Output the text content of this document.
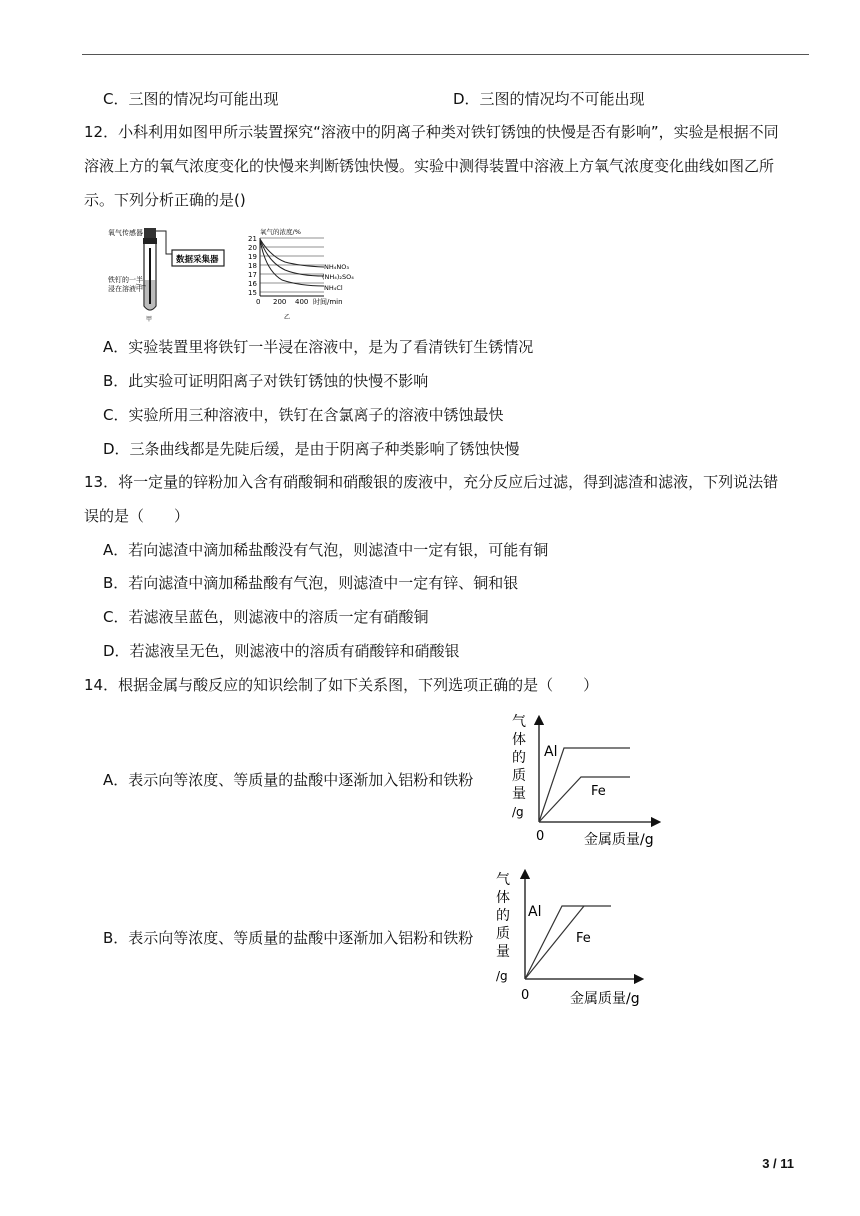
C．三图的情况均可能出现	D．三图的情况均不可能出现
12．小科利用如图甲所示装置探究“溶液中的阴离子种类对铁钉锈蚀的快慢是否有影响”，实验是根据不同
溶液上方的氧气浓度变化的快慢来判断锈蚀快慢。实验中测得装置中溶液上方氧气浓度变化曲线如图乙所
示。下列分析正确的是()
氧气传感器
数据采集器
铁钉的一半
浸在溶液中
甲
氧气的浓度/%
21
20
19
18
17
16
15
0 200 400 时间/min
NH₄NO₃
(NH₄)₂SO₄
NH₄Cl
乙
A．实验装置里将铁钉一半浸在溶液中，是为了看清铁钉生锈情况
B．此实验可证明阳离子对铁钉锈蚀的快慢不影响
C．实验所用三种溶液中，铁钉在含氯离子的溶液中锈蚀最快
D．三条曲线都是先陡后缓，是由于阴离子种类影响了锈蚀快慢
13．将一定量的锌粉加入含有硝酸铜和硝酸银的废液中，充分反应后过滤，得到滤渣和滤液，下列说法错
误的是（　　）
A．若向滤渣中滴加稀盐酸没有气泡，则滤渣中一定有银，可能有铜
B．若向滤渣中滴加稀盐酸有气泡，则滤渣中一定有锌、铜和银
C．若滤液呈蓝色，则滤液中的溶质一定有硝酸铜
D．若滤液呈无色，则滤液中的溶质有硝酸锌和硝酸银
14．根据金属与酸反应的知识绘制了如下关系图，下列选项正确的是（　　）
A．表示向等浓度、等质量的盐酸中逐渐加入铝粉和铁粉
气
体
的
质
量
/g
0	金属质量/g
Al
Fe
B．表示向等浓度、等质量的盐酸中逐渐加入铝粉和铁粉
气
体
的
质
量
/g
0	金属质量/g
Al
Fe
3 / 11
